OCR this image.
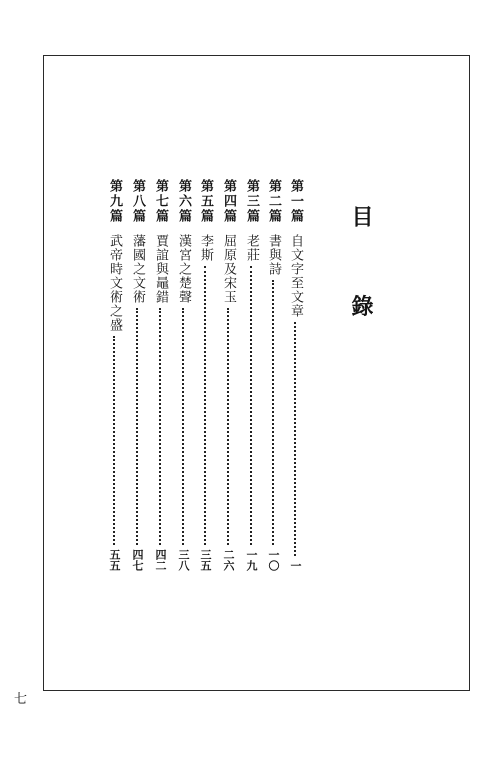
目 錄
第一篇
自文字至文章
一
第二篇
書與詩
一〇
第三篇
老莊
一九
第四篇
屈原及宋玉
二六
第五篇
李斯
三五
第六篇
漢宮之楚聲
三八
第七篇
賈誼與鼂錯
四二
第八篇
藩國之文術
四七
第九篇
武帝時文術之盛
五五
七
